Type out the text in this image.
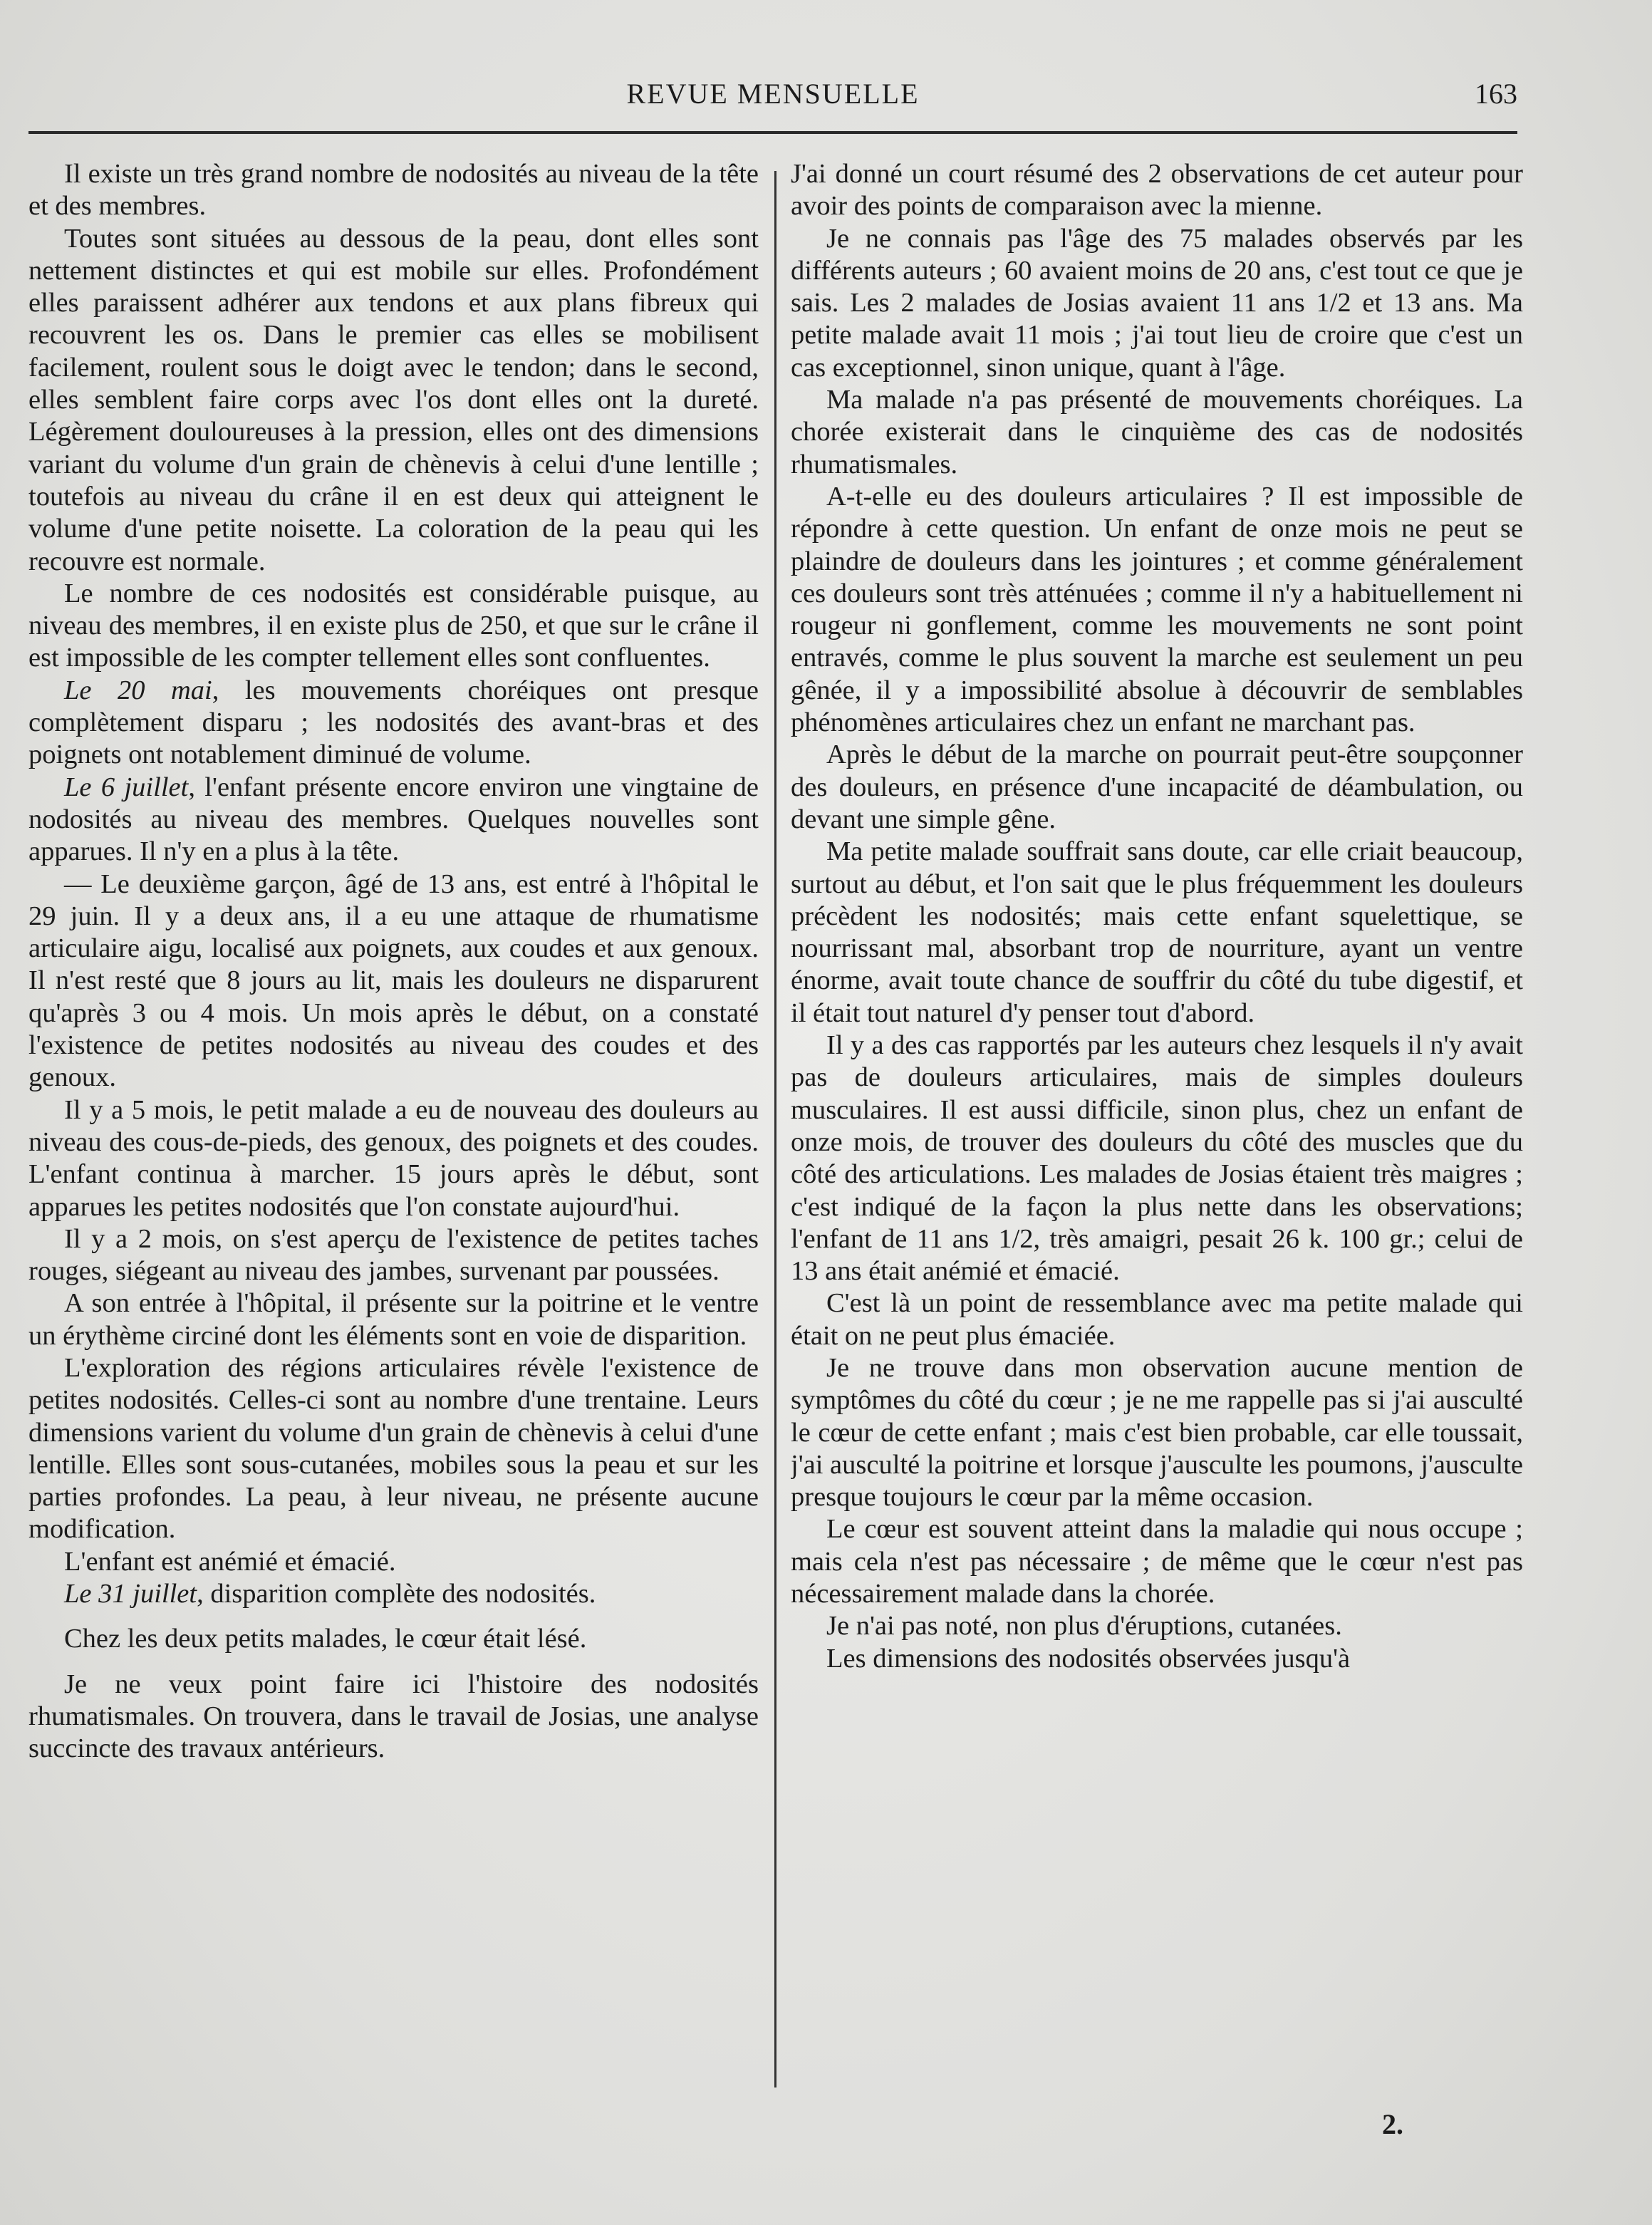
REVUE MENSUELLE	163

Il existe un très grand nombre de nodosités au niveau de la tête et des membres.

Toutes sont situées au dessous de la peau, dont elles sont nettement distinctes et qui est mobile sur elles. Profondément elles paraissent adhérer aux tendons et aux plans fibreux qui recouvrent les os. Dans le premier cas elles se mobilisent facilement, roulent sous le doigt avec le tendon; dans le second, elles semblent faire corps avec l'os dont elles ont la dureté. Légèrement douloureuses à la pression, elles ont des dimensions variant du volume d'un grain de chènevis à celui d'une lentille ; toutefois au niveau du crâne il en est deux qui atteignent le volume d'une petite noisette. La coloration de la peau qui les recouvre est normale.

Le nombre de ces nodosités est considérable puisque, au niveau des membres, il en existe plus de 250, et que sur le crâne il est impossible de les compter tellement elles sont confluentes.

Le 20 mai, les mouvements choréiques ont presque complètement disparu ; les nodosités des avant-bras et des poignets ont notablement diminué de volume.

Le 6 juillet, l'enfant présente encore environ une vingtaine de nodosités au niveau des membres. Quelques nouvelles sont apparues. Il n'y en a plus à la tête.

— Le deuxième garçon, âgé de 13 ans, est entré à l'hôpital le 29 juin. Il y a deux ans, il a eu une attaque de rhumatisme articulaire aigu, localisé aux poignets, aux coudes et aux genoux. Il n'est resté que 8 jours au lit, mais les douleurs ne disparurent qu'après 3 ou 4 mois. Un mois après le début, on a constaté l'existence de petites nodosités au niveau des coudes et des genoux.

Il y a 5 mois, le petit malade a eu de nouveau des douleurs au niveau des cous-de-pieds, des genoux, des poignets et des coudes. L'enfant continua à marcher. 15 jours après le début, sont apparues les petites nodosités que l'on constate aujourd'hui.

Il y a 2 mois, on s'est aperçu de l'existence de petites taches rouges, siégeant au niveau des jambes, survenant par poussées.

A son entrée à l'hôpital, il présente sur la poitrine et le ventre un érythème circiné dont les éléments sont en voie de disparition.

L'exploration des régions articulaires révèle l'existence de petites nodosités. Celles-ci sont au nombre d'une trentaine. Leurs dimensions varient du volume d'un grain de chènevis à celui d'une lentille. Elles sont sous-cutanées, mobiles sous la peau et sur les parties profondes. La peau, à leur niveau, ne présente aucune modification.

L'enfant est anémié et émacié.

Le 31 juillet, disparition complète des nodosités.

Chez les deux petits malades, le cœur était lésé.

Je ne veux point faire ici l'histoire des nodosités rhumatismales. On trouvera, dans le travail de Josias, une analyse succincte des travaux antérieurs.

J'ai donné un court résumé des 2 observations de cet auteur pour avoir des points de comparaison avec la mienne.

Je ne connais pas l'âge des 75 malades observés par les différents auteurs ; 60 avaient moins de 20 ans, c'est tout ce que je sais. Les 2 malades de Josias avaient 11 ans 1/2 et 13 ans. Ma petite malade avait 11 mois ; j'ai tout lieu de croire que c'est un cas exceptionnel, sinon unique, quant à l'âge.

Ma malade n'a pas présenté de mouvements choréiques. La chorée existerait dans le cinquième des cas de nodosités rhumatismales.

A-t-elle eu des douleurs articulaires ? Il est impossible de répondre à cette question. Un enfant de onze mois ne peut se plaindre de douleurs dans les jointures ; et comme généralement ces douleurs sont très atténuées ; comme il n'y a habituellement ni rougeur ni gonflement, comme les mouvements ne sont point entravés, comme le plus souvent la marche est seulement un peu gênée, il y a impossibilité absolue à découvrir de semblables phénomènes articulaires chez un enfant ne marchant pas.

Après le début de la marche on pourrait peut-être soupçonner des douleurs, en présence d'une incapacité de déambulation, ou devant une simple gêne.

Ma petite malade souffrait sans doute, car elle criait beaucoup, surtout au début, et l'on sait que le plus fréquemment les douleurs précèdent les nodosités; mais cette enfant squelettique, se nourrissant mal, absorbant trop de nourriture, ayant un ventre énorme, avait toute chance de souffrir du côté du tube digestif, et il était tout naturel d'y penser tout d'abord.

Il y a des cas rapportés par les auteurs chez lesquels il n'y avait pas de douleurs articulaires, mais de simples douleurs musculaires. Il est aussi difficile, sinon plus, chez un enfant de onze mois, de trouver des douleurs du côté des muscles que du côté des articulations. Les malades de Josias étaient très maigres ; c'est indiqué de la façon la plus nette dans les observations; l'enfant de 11 ans 1/2, très amaigri, pesait 26 k. 100 gr.; celui de 13 ans était anémié et émacié.

C'est là un point de ressemblance avec ma petite malade qui était on ne peut plus émaciée.

Je ne trouve dans mon observation aucune mention de symptômes du côté du cœur ; je ne me rappelle pas si j'ai ausculté le cœur de cette enfant ; mais c'est bien probable, car elle toussait, j'ai ausculté la poitrine et lorsque j'ausculte les poumons, j'ausculte presque toujours le cœur par la même occasion.

Le cœur est souvent atteint dans la maladie qui nous occupe ; mais cela n'est pas nécessaire ; de même que le cœur n'est pas nécessairement malade dans la chorée.

Je n'ai pas noté, non plus d'éruptions, cutanées.

Les dimensions des nodosités observées jusqu'à

2.
